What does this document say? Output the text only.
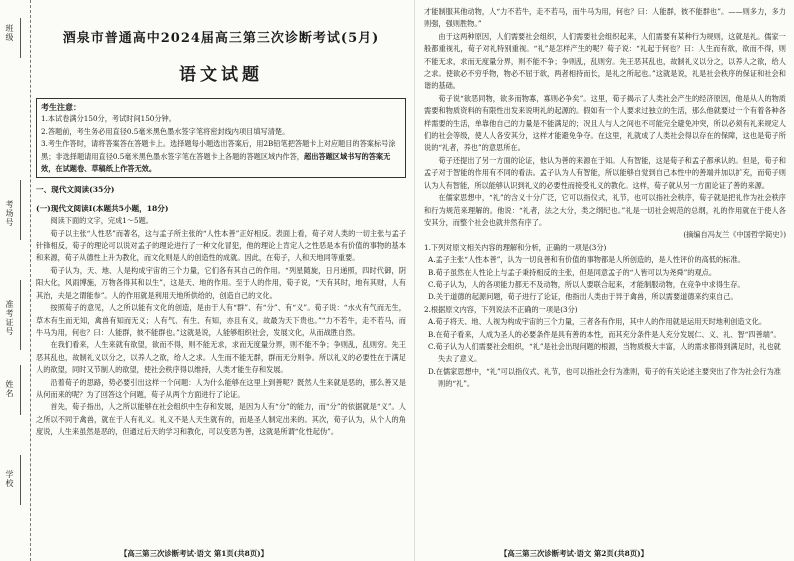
班级
考场号
准考证号
姓名
学校
酒泉市普通高中2024届高三第三次诊断考试(5月)
语文试题
考生注意：
1.本试卷满分150分，考试时间150分钟。
2.答题前，考生务必用直径0.5毫米黑色墨水签字笔将密封线内项目填写清楚。
3.考生作答时，请将答案答在答题卡上。选择题每小题选出答案后，用2B铅笔把答题卡上对应题目的答案标号涂黑；非选择题请用直径0.5毫米黑色墨水签字笔在答题卡上各题的答题区域内作答，超出答题区域书写的答案无效，在试题卷、草稿纸上作答无效。
一、现代文阅读(35分)
(一)现代文阅读Ⅰ(本题共5小题，18分)

阅读下面的文字，完成1～5题。

荀子以主张“人性恶”而著名，这与孟子所主张的“人性本善”正好相反。表面上看，荀子对人类的一切主张与孟子针锋相反，荀子的理论可以说对孟子的理论进行了一种文化冒犯，他的理论上肯定人之性恶是本有价值的事物的基本和来源，荀子从德性上升为教化，而文化则是人的创造性的成就。因此，在荀子，人和天地同等重要。

荀子认为，天、地、人是构成宇宙的三个力量，它们各有其自己的作用。“列星随旋，日月递照，四时代御，阴阳大化，风雨博施，万物各得其和以生”，这是天、地的作用。至于人的作用，荀子说，“天有其时，地有其财，人有其治，夫是之谓能参”。人的作用就是利用天地所供给的，创造自己的文化。

按照荀子的意见，人之所以能有文化的创造，是由于人有“群”、有“分”、有“义”。荀子说：“水火有气而无生，草木有生而无知，禽兽有知而无义；人有气、有生、有知，亦且有义，故最为天下贵也。”“力不若牛，走不若马，而牛马为用，何也？曰：人能群，彼不能群也。”这就是说，人能够组织社会，发展文化，从而战胜自然。

在我们看来，人生来就有欲望，欲而不得，则不能无求，求而无度量分界，则不能不争；争则乱，乱则穷。先王恶其乱也，故制礼义以分之，以养人之欲，给人之求。人生而不能无群，群而无分则争。所以礼义的必要性在于满足人的欲望，同时又节制人的欲望，使社会秩序得以维持，人类才能生存和发展。

沿着荀子的思路，势必要引出这样一个问题：人为什么能够在这里上到善呢？既然人生来就是恶的，那么善又是从何而来的呢？为了回答这个问题，荀子从两个方面进行了论证。

首先，荀子指出，人之所以能够在社会组织中生存和发展，是因为人有“分”的能力，而“分”的依据就是“义”。人之所以不同于禽兽，就在于人有礼义。礼义不是人天生就有的，而是圣人制定出来的。其次，荀子认为，从个人的角度说，人生来虽然是恶的，但通过后天的学习和教化，可以变恶为善，这就是所谓“化性起伪”。

【高三第三次诊断考试·语文 第1页(共8页)】

才能制服其他动物，人“力不若牛，走不若马，而牛马为用，何也？曰：人能群，彼不能群也”。——则多力，多力则强，强则胜物。”

由于这两种原因，人们需要社会组织，人们需要社会组织起来，人们需要有某种行为规则，这就是礼。儒家一般都重视礼，荀子对礼特别重视。“礼”是怎样产生的呢？荀子说：“礼起于何也？曰：人生而有欲，欲而不得，则不能无求，求而无度量分界，则不能不争；争则乱，乱则穷。先王恶其乱也，故制礼义以分之，以养人之欲，给人之求。使欲必不穷乎物，物必不屈于欲，两者相持而长，是礼之所起也。”这就是说，礼是社会秩序的保证和社会和谐的基础。

荀子说“欲恶同物，欲多而物寡，寡则必争矣”。这里，荀子揭示了人类社会产生的经济原因，他是从人的物质需要和物质资料的有限性出发来说明礼的起源的。假如有一个人要求过独立的生活，那么他就要过一个有着各种各样需要的生活，单靠他自己的力量是不能满足的；况且人与人之间也不可能完全避免冲突，所以必须有礼来规定人们的社会等级，使人人各安其分，这样才能避免争夺。在这里，礼就成了人类社会得以存在的保障，这也是荀子所说的“礼者，养也”的意思所在。

荀子还提出了另一方面的论证，他认为善的来源在于知。人有智能，这是荀子和孟子都承认的。但是，荀子和孟子对于智能的作用有不同的看法。孟子认为人有智能，所以能够自觉到自己本性中的善端并加以扩充，而荀子则认为人有智能，所以能够认识到礼义的必要性而接受礼义的教化。这样，荀子就从另一方面论证了善的来源。

在儒家思想中，“礼”的含义十分广泛，它可以指仪式，礼节，也可以指社会秩序，荀子就是把礼作为社会秩序和行为规范来理解的。他说：“礼者，法之大分，类之纲纪也。”礼是一切社会规范的总纲，礼的作用就在于使人各安其分，而整个社会也就井然有序了。

(摘编自冯友兰《中国哲学简史》)
1.下列对原文相关内容的理解和分析，正确的一项是(3分)
A.孟子主张“人性本善”，认为一切良善和有价值的事物都是人所创造的，是人性评价的高低的标准。
B.荀子虽然在人性论上与孟子秉持相反的主张，但是同意孟子的“人皆可以为尧舜”的观点。
C.荀子认为，人的各项能力都无不及动物，所以人要联合起来，才能制服动物，在竞争中求得生存。
D.关于道德的起源问题，荀子进行了论证，他指出人类由于异于禽兽，所以需要道德来约束自己。
2.根据原文内容，下列说法不正确的一项是(3分)
A.荀子将天、地、人视为构成宇宙的三个力量，三者各有作用，其中人的作用就是运用天时地利创造文化。
B.在荀子看来，人成为圣人的必要条件是具有善的本性，而其充分条件是人充分发展仁、义、礼、智“四善端”。
C.荀子认为人们需要社会组织，“礼”是社会出现问题的根源，当物质极大丰富，人的需求都得到满足时，礼也就失去了意义。
D.在儒家思想中，“礼”可以指仪式、礼节，也可以指社会行为准则，荀子的有关论述主要突出了作为社会行为准则的“礼”。
【高三第三次诊断考试·语文 第2页(共8页)】
